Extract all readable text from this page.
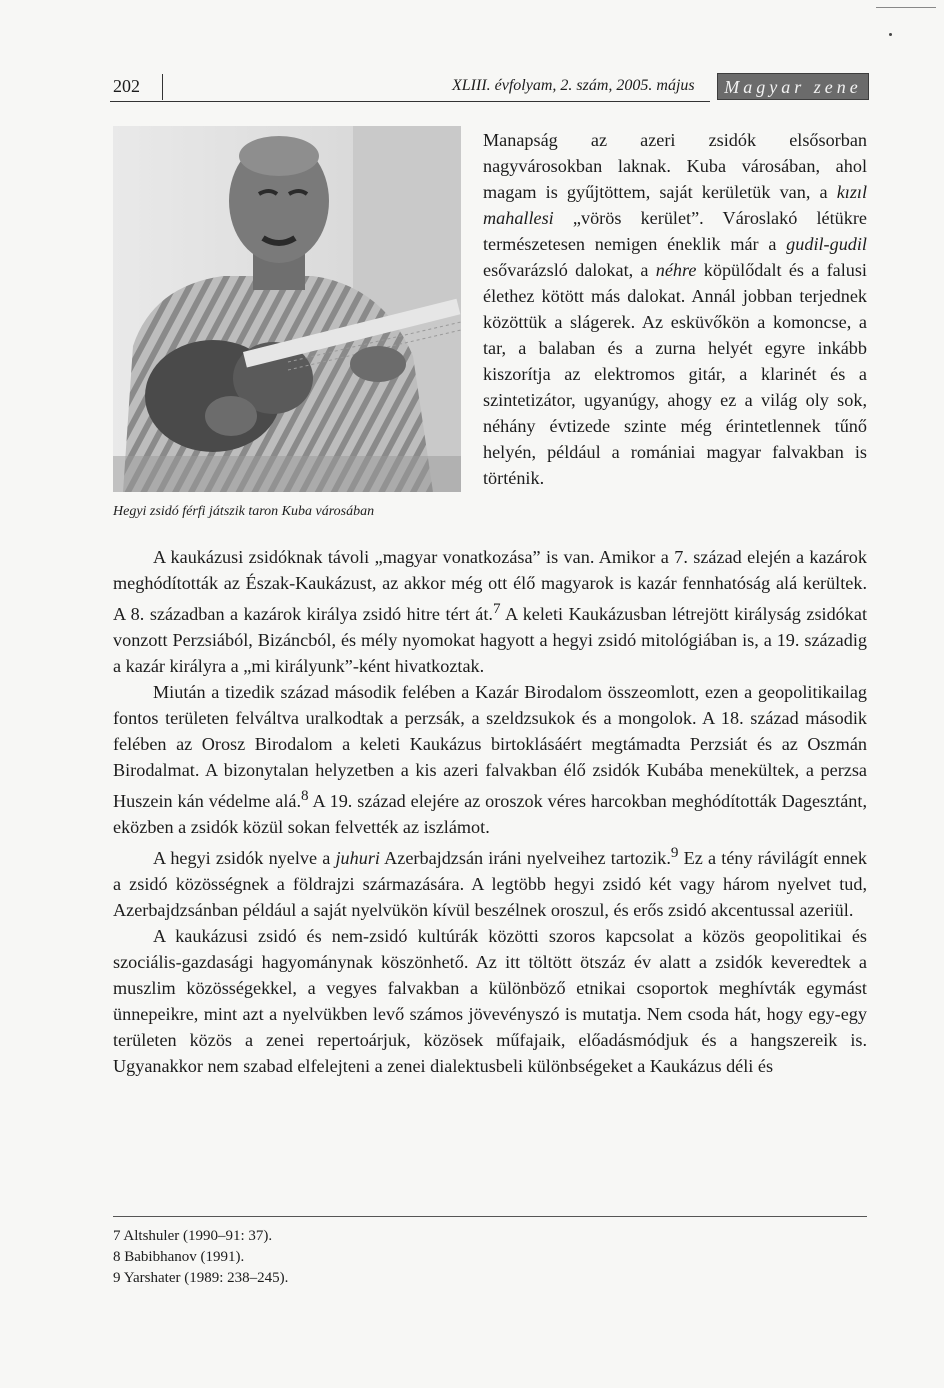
202	XLIII. évfolyam, 2. szám, 2005. május	Magyar zene
Hegyi zsidó férfi játszik taron Kuba városában

Manapság az azeri zsidók elsősorban nagyvárosokban laknak. Kuba városában, ahol magam is gyűjtöttem, saját kerületük van, a kızıl mahallesi „vörös kerület”. Városlakó létükre természetesen nemigen éneklik már a gudil-gudil esővarázsló dalokat, a néhre köpülődalt és a falusi élethez kötött más dalokat. Annál jobban terjednek közöttük a slágerek. Az esküvőkön a komoncse, a tar, a balaban és a zurna helyét egyre inkább kiszorítja az elektromos gitár, a klarinét és a szintetizátor, ugyanúgy, ahogy ez a világ oly sok, néhány évtizede szinte még érintetlennek tűnő helyén, például a romániai magyar falvakban is történik.

A kaukázusi zsidóknak távoli „magyar vonatkozása” is van. Amikor a 7. század elején a kazárok meghódították az Észak-Kaukázust, az akkor még ott élő magyarok is kazár fennhatóság alá kerültek. A 8. században a kazárok királya zsidó hitre tért át.$^7$ A keleti Kaukázusban létrejött királyság zsidókat vonzott Perzsiából, Bizáncból, és mély nyomokat hagyott a hegyi zsidó mitológiában is, a 19. századig a kazár királyra a „mi királyunk”-ként hivatkoztak.

Miután a tizedik század második felében a Kazár Birodalom összeomlott, ezen a geopolitikailag fontos területen felváltva uralkodtak a perzsák, a szeldzsukok és a mongolok. A 18. század második felében az Orosz Birodalom a keleti Kaukázus birtoklásáért megtámadta Perzsiát és az Oszmán Birodalmat. A bizonytalan helyzetben a kis azeri falvakban élő zsidók Kubába menekültek, a perzsa Huszein kán védelme alá.$^8$ A 19. század elejére az oroszok véres harcokban meghódították Dagesztánt, eközben a zsidók közül sokan felvették az iszlámot.

A hegyi zsidók nyelve a juhuri Azerbajdzsán iráni nyelveihez tartozik.$^9$ Ez a tény rávilágít ennek a zsidó közösségnek a földrajzi származására. A legtöbb hegyi zsidó két vagy három nyelvet tud, Azerbajdzsánban például a saját nyelvükön kívül beszélnek oroszul, és erős zsidó akcentussal azeriül.

A kaukázusi zsidó és nem-zsidó kultúrák közötti szoros kapcsolat a közös geopolitikai és szociális-gazdasági hagyománynak köszönhető. Az itt töltött ötszáz év alatt a zsidók keveredtek a muszlim közösségekkel, a vegyes falvakban a különböző etnikai csoportok meghívták egymást ünnepeikre, mint azt a nyelvükben levő számos jövevényszó is mutatja. Nem csoda hát, hogy egy-egy területen közös a zenei repertoárjuk, közösek műfajaik, előadásmódjuk és a hangszereik is. Ugyanakkor nem szabad elfelejteni a zenei dialektusbeli különbségeket a Kaukázus déli és

7 Altshuler (1990–91: 37).

8 Babibhanov (1991).

9 Yarshater (1989: 238–245).
